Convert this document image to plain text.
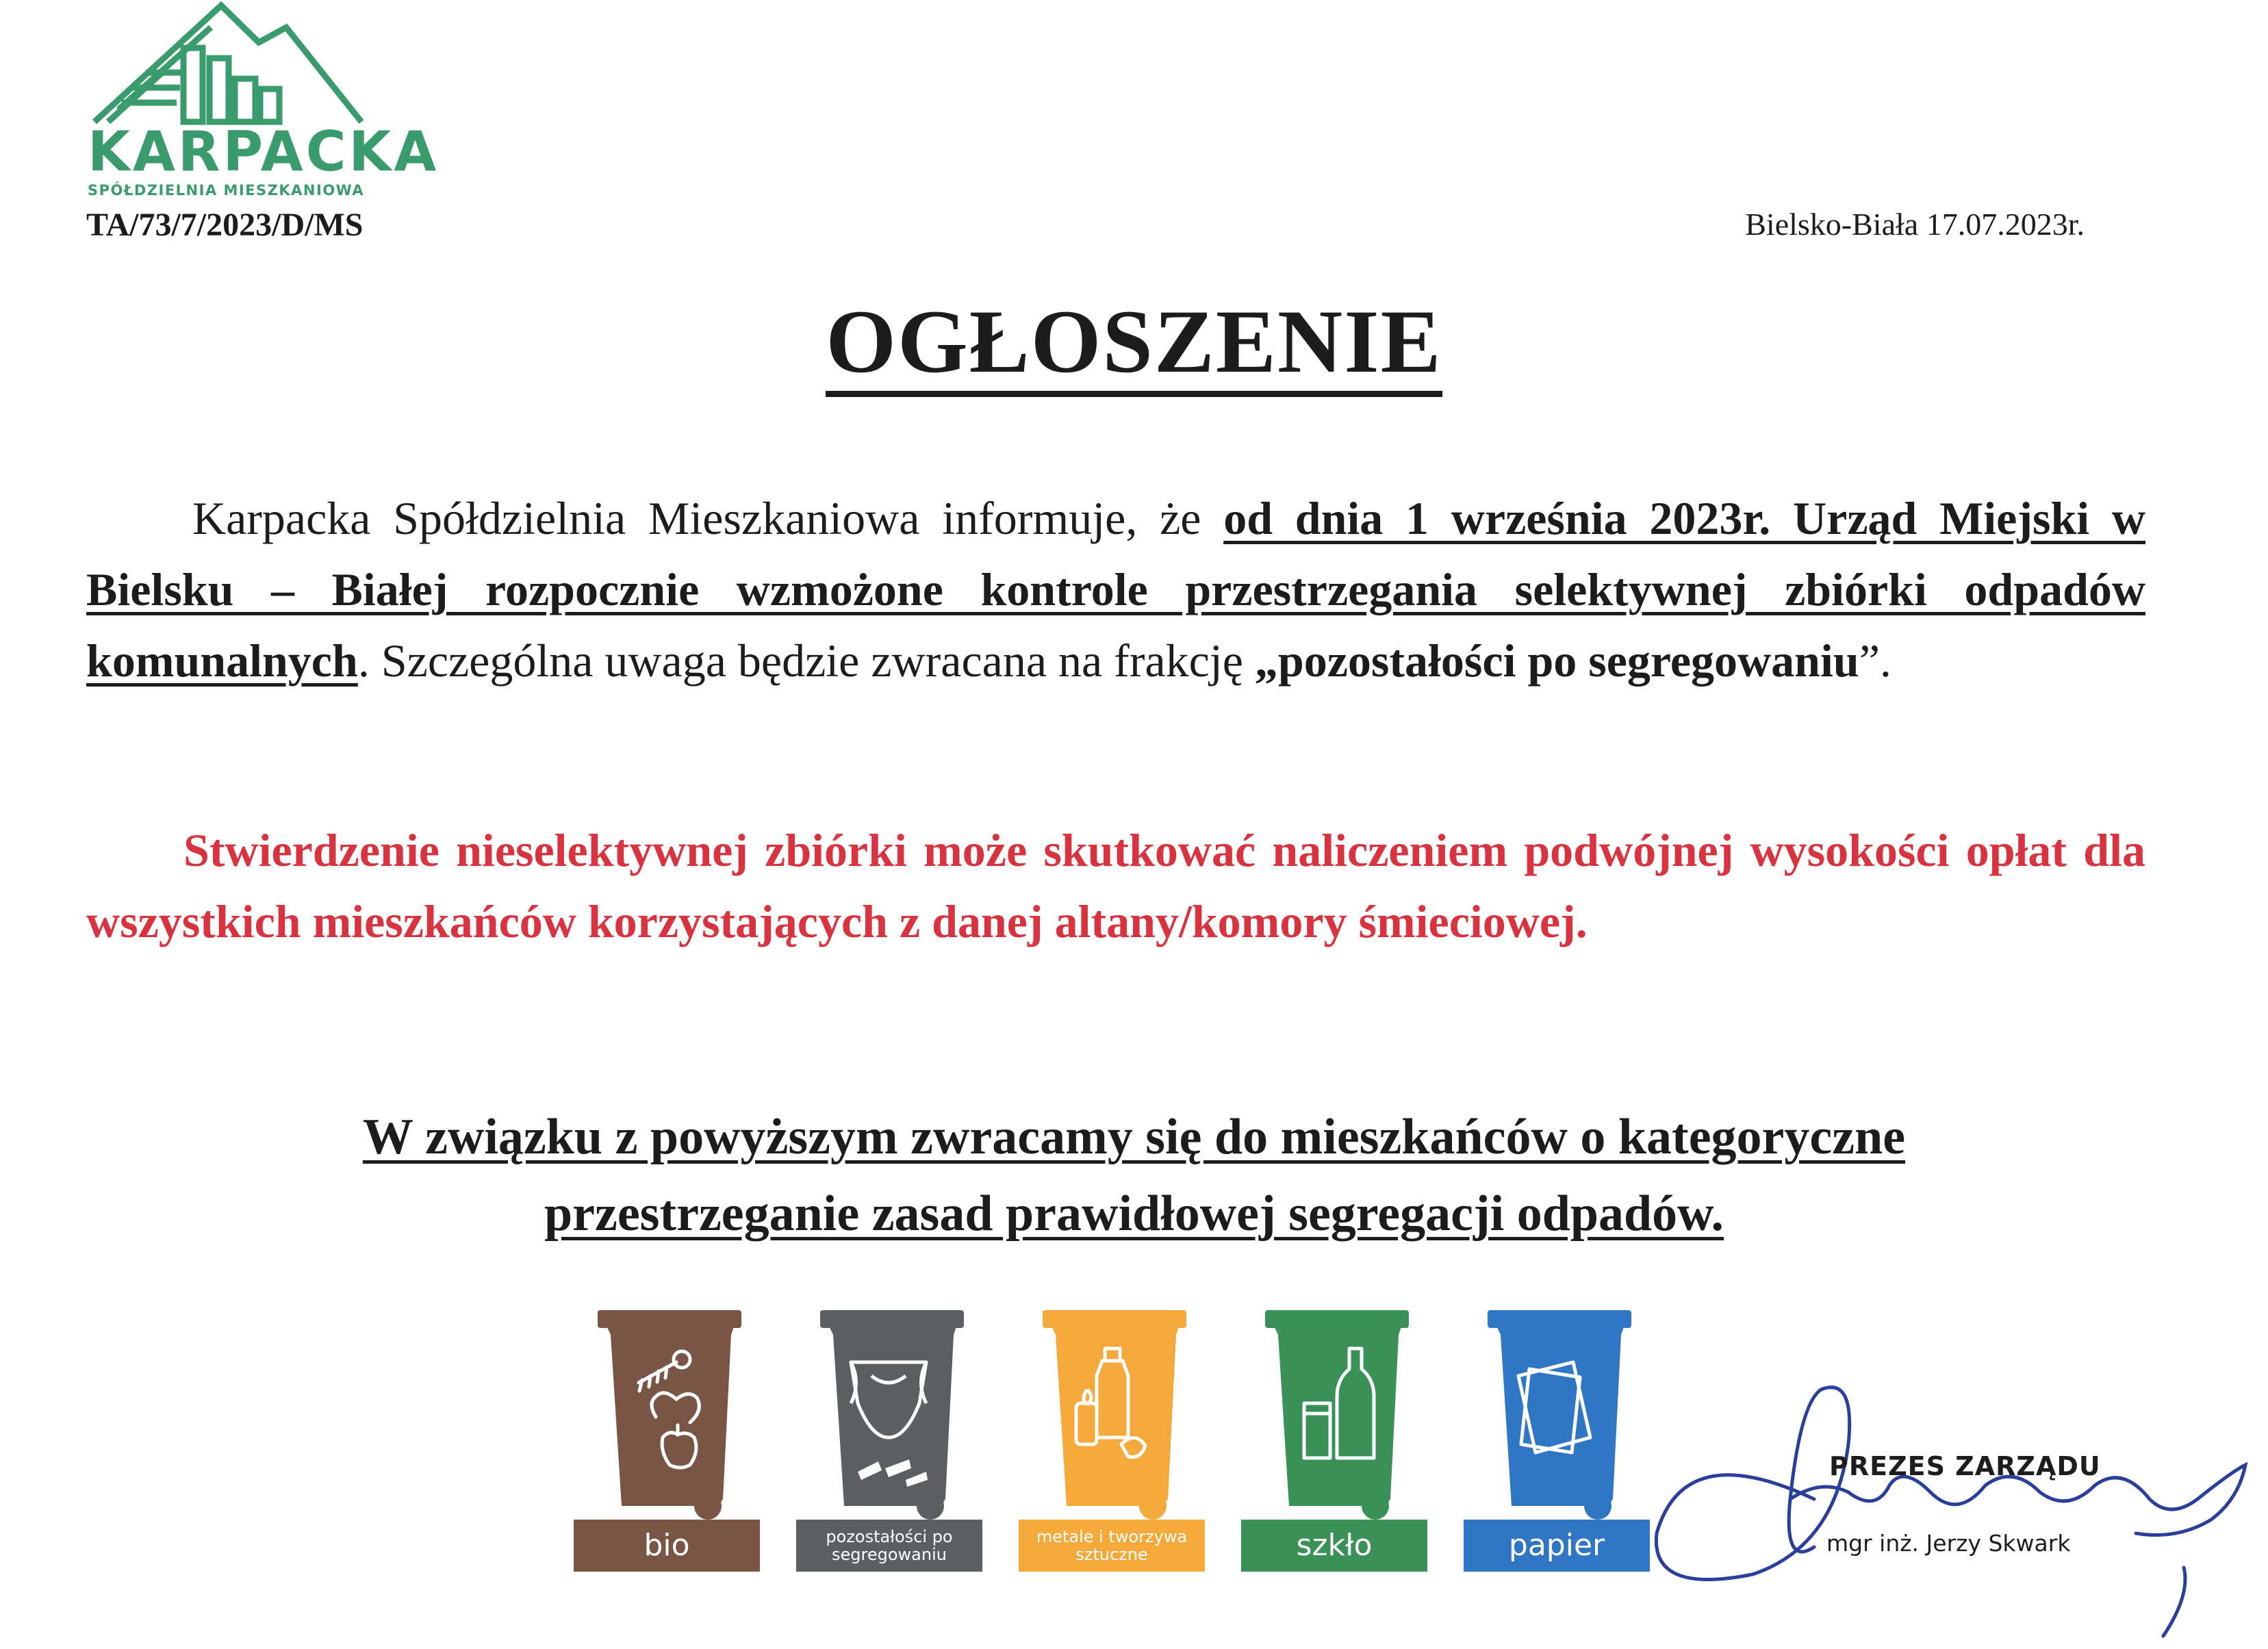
KARPACKA
SPÓŁDZIELNIA MIESZKANIOWA
TA/73/7/2023/D/MS	Bielsko-Biała 17.07.2023r.
OGŁOSZENIE

Karpacka Spółdzielnia Mieszkaniowa informuje, że od dnia 1 września 2023r. Urząd Miejski w Bielsku – Białej rozpocznie wzmożone kontrole przestrzegania selektywnej zbiórki odpadów komunalnych. Szczególna uwaga będzie zwracana na frakcję „pozostałości po segregowaniu”.

Stwierdzenie nieselektywnej zbiórki może skutkować naliczeniem podwójnej wysokości opłat dla wszystkich mieszkańców korzystających z danej altany/komory śmieciowej.

W związku z powyższym zwracamy się do mieszkańców o kategoryczne
przestrzeganie zasad prawidłowej segregacji odpadów.
bio	pozostałości po segregowaniu
metale i tworzywa sztuczne	szkło	papier
PREZES ZARZĄDU
mgr inż. Jerzy Skwark
